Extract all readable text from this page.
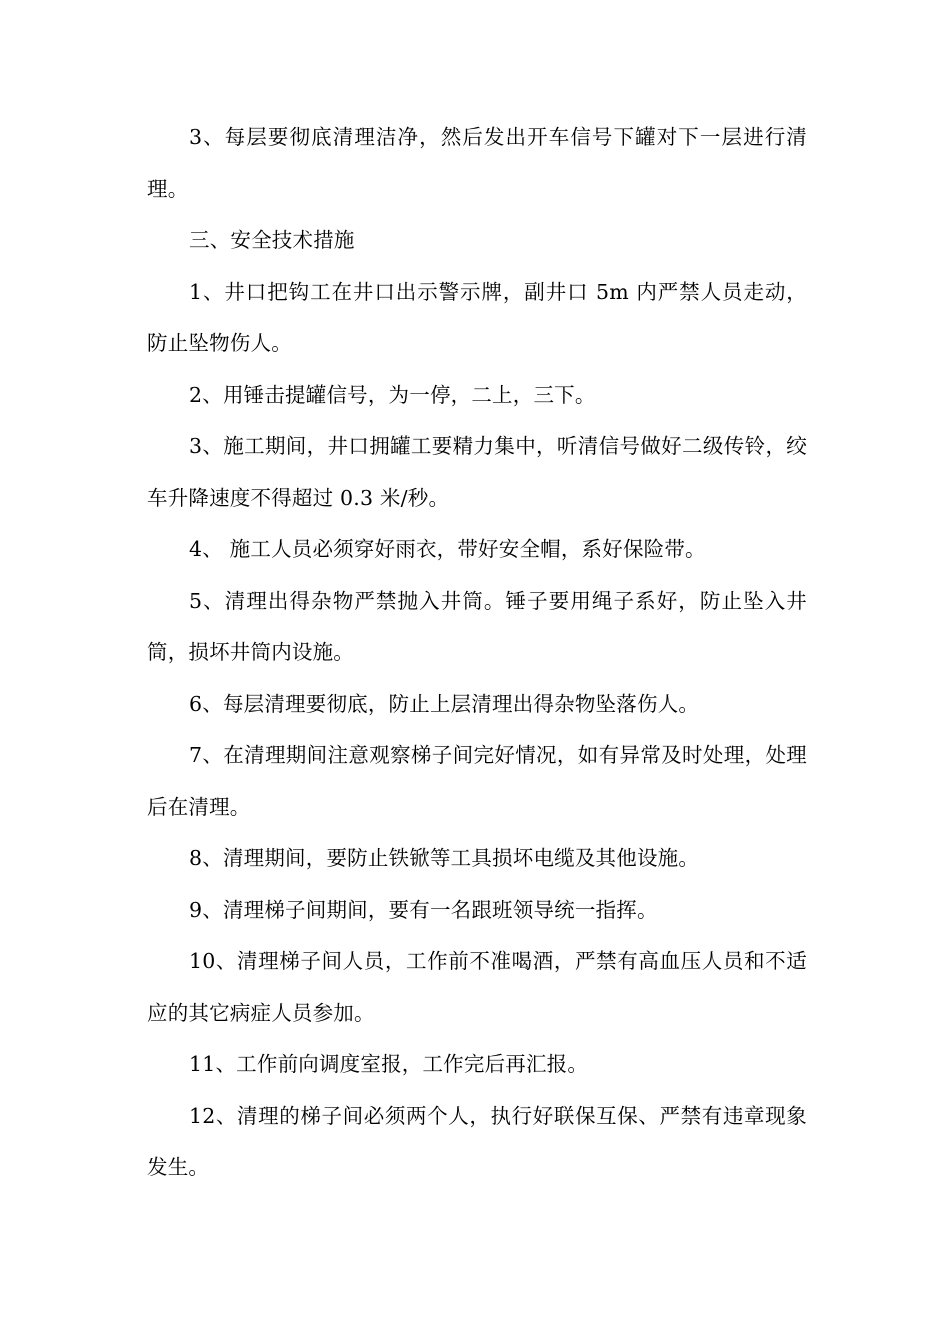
3、每层要彻底清理洁净，然后发出开车信号下罐对下一层进行清理。

三、安全技术措施

1、井口把钩工在井口出示警示牌，副井口 5m 内严禁人员走动，防止坠物伤人。

2、用锤击提罐信号，为一停，二上，三下。

3、施工期间，井口拥罐工要精力集中，听清信号做好二级传铃，绞车升降速度不得超过 0.3 米/秒。

4、 施工人员必须穿好雨衣，带好安全帽，系好保险带。

5、清理出得杂物严禁抛入井筒。锤子要用绳子系好，防止坠入井筒，损坏井筒内设施。

6、每层清理要彻底，防止上层清理出得杂物坠落伤人。

7、在清理期间注意观察梯子间完好情况，如有异常及时处理，处理后在清理。

8、清理期间，要防止铁锨等工具损坏电缆及其他设施。

9、清理梯子间期间，要有一名跟班领导统一指挥。

10、清理梯子间人员，工作前不准喝酒，严禁有高血压人员和不适应的其它病症人员参加。

11、工作前向调度室报，工作完后再汇报。

12、清理的梯子间必须两个人，执行好联保互保、严禁有违章现象发生。
